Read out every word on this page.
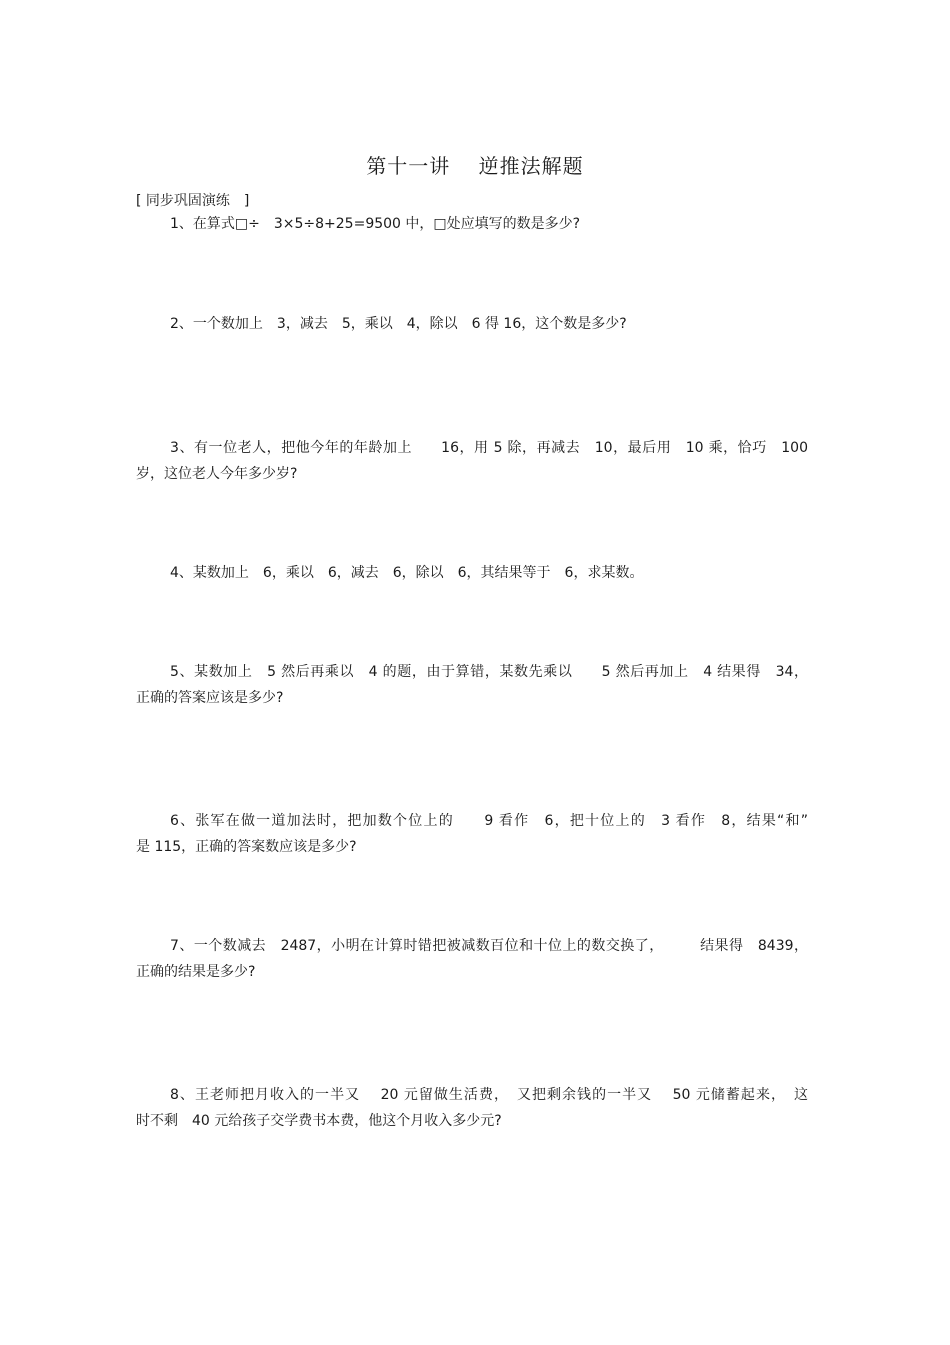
第十一讲　 逆推法解题
[ 同步巩固演练　]
1、在算式□÷　3×5÷8+25=9500 中，□处应填写的数是多少?
2、一个数加上　3，减去　5，乘以　4，除以　6 得 16，这个数是多少?
3、有一位老人，把他今年的年龄加上　　16，用 5 除，再减去　10，最后用　10 乘，恰巧　100
岁，这位老人今年多少岁?
4、某数加上　6，乘以　6，减去　6，除以　6，其结果等于　6，求某数。
5、某数加上　5 然后再乘以　4 的题，由于算错，某数先乘以　　5 然后再加上　4 结果得　34，
正确的答案应该是多少?
6、张军在做一道加法时，把加数个位上的　　9 看作　6，把十位上的　3 看作　8，结果“和”
是 115，正确的答案数应该是多少?
7、一个数减去　2487，小明在计算时错把被减数百位和十位上的数交换了，　　　结果得　8439，
正确的结果是多少?
8、王老师把月收入的一半又　 20 元留做生活费，　又把剩余钱的一半又　 50 元储蓄起来，　这
时不剩　40 元给孩子交学费书本费，他这个月收入多少元?
